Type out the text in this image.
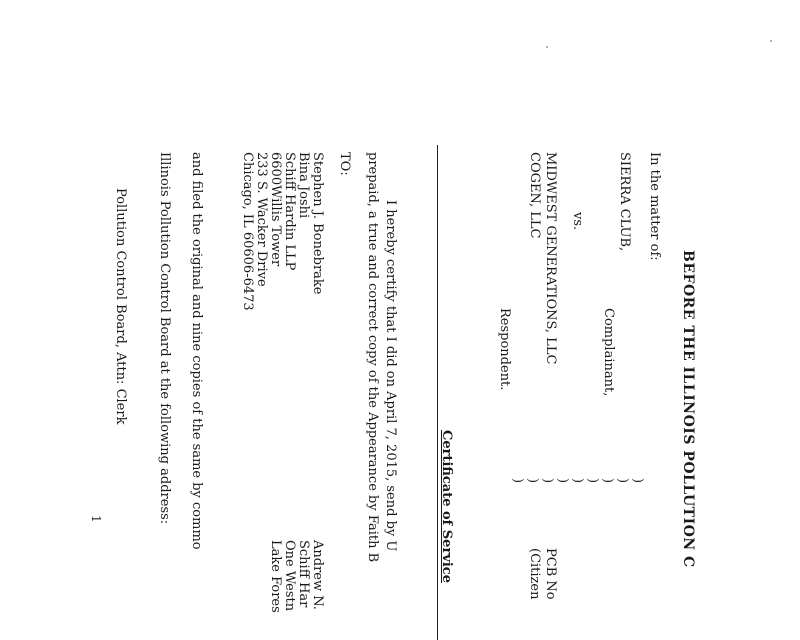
BEFORE THE ILLINOIS POLLUTION C
In the matter of:
SIERRA CLUB,
Complainant,
vs.
MIDWEST GENERATIONS, LLC
COGEN, LLC
Respondent.
)
)
)
)
)
)
)
)
)
PCB No
(Citizen
Certificate of Service
I hereby certify that I did on April 7, 2015, send by U
prepaid, a true and correct copy of the Appearance by Faith B
TO:
Stephen J. Bonebrake
Bina Joshi
Schiff Hardin LLP
6600Willis Tower
233 S. Wacker Drive
Chicago, IL 60606-6473
Andrew N.
Schiff Har
One Westn
Lake Fores
and filed the original and nine copies of the same by commo
Illinois Pollution Control Board at the following address:
Pollution Control Board, Attn: Clerk
1
